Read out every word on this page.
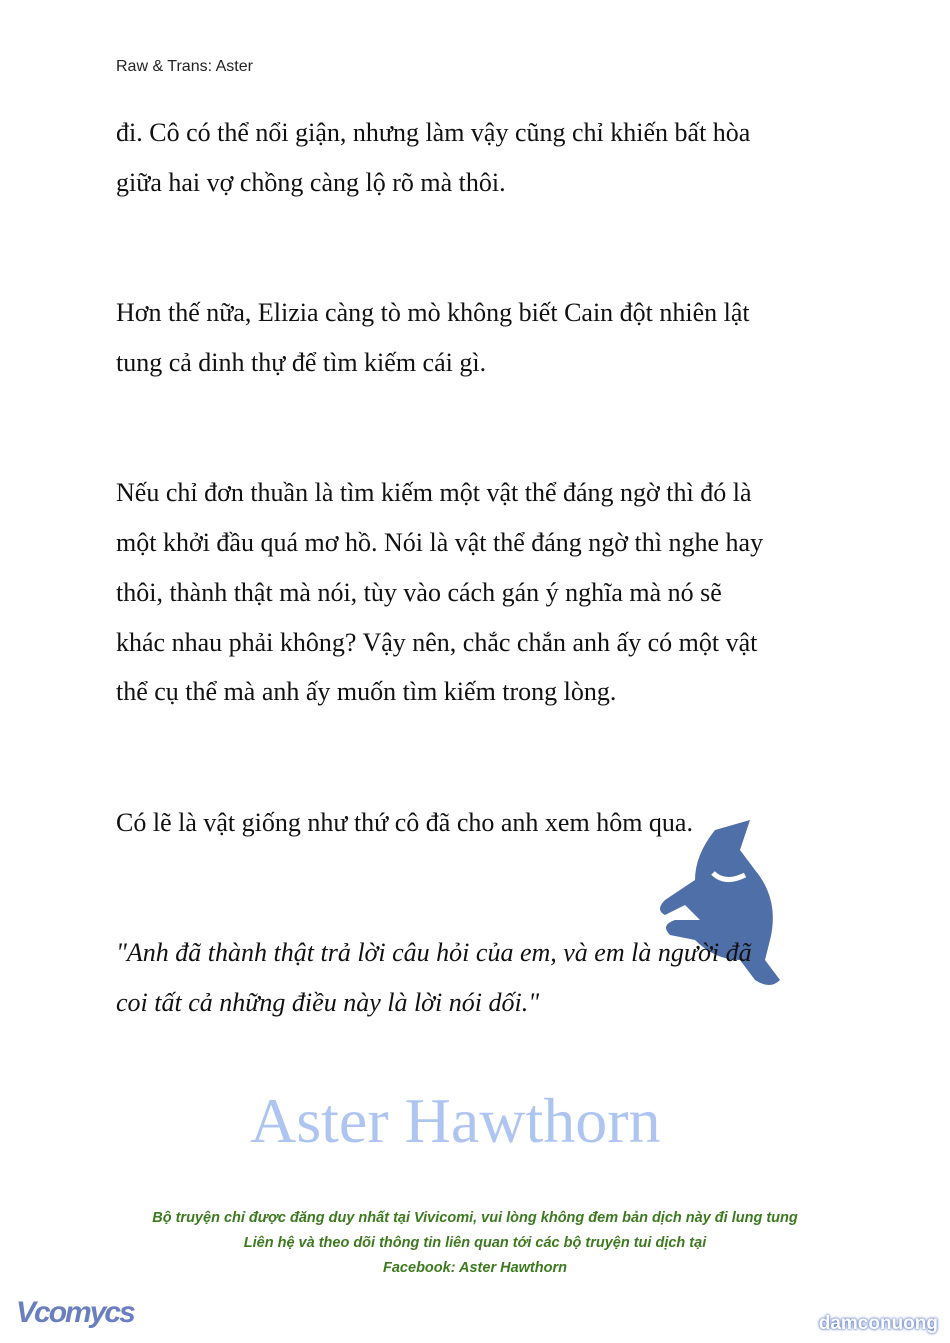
Raw & Trans: Aster
đi. Cô có thể nổi giận, nhưng làm vậy cũng chỉ khiến bất hòa
giữa hai vợ chồng càng lộ rõ mà thôi.
Hơn thế nữa, Elizia càng tò mò không biết Cain đột nhiên lật
tung cả dinh thự để tìm kiếm cái gì.
Nếu chỉ đơn thuần là tìm kiếm một vật thể đáng ngờ thì đó là
một khởi đầu quá mơ hồ. Nói là vật thể đáng ngờ thì nghe hay
thôi, thành thật mà nói, tùy vào cách gán ý nghĩa mà nó sẽ
khác nhau phải không? Vậy nên, chắc chắn anh ấy có một vật
thể cụ thể mà anh ấy muốn tìm kiếm trong lòng.
Có lẽ là vật giống như thứ cô đã cho anh xem hôm qua.
"Anh đã thành thật trả lời câu hỏi của em, và em là người đã
coi tất cả những điều này là lời nói dối."
Aster Hawthorn
Bộ truyện chỉ được đăng duy nhất tại Vivicomi, vui lòng không đem bản dịch này đi lung tung
Liên hệ và theo dõi thông tin liên quan tới các bộ truyện tui dịch tại
Facebook: Aster Hawthorn
Vcomycs	damconuong
